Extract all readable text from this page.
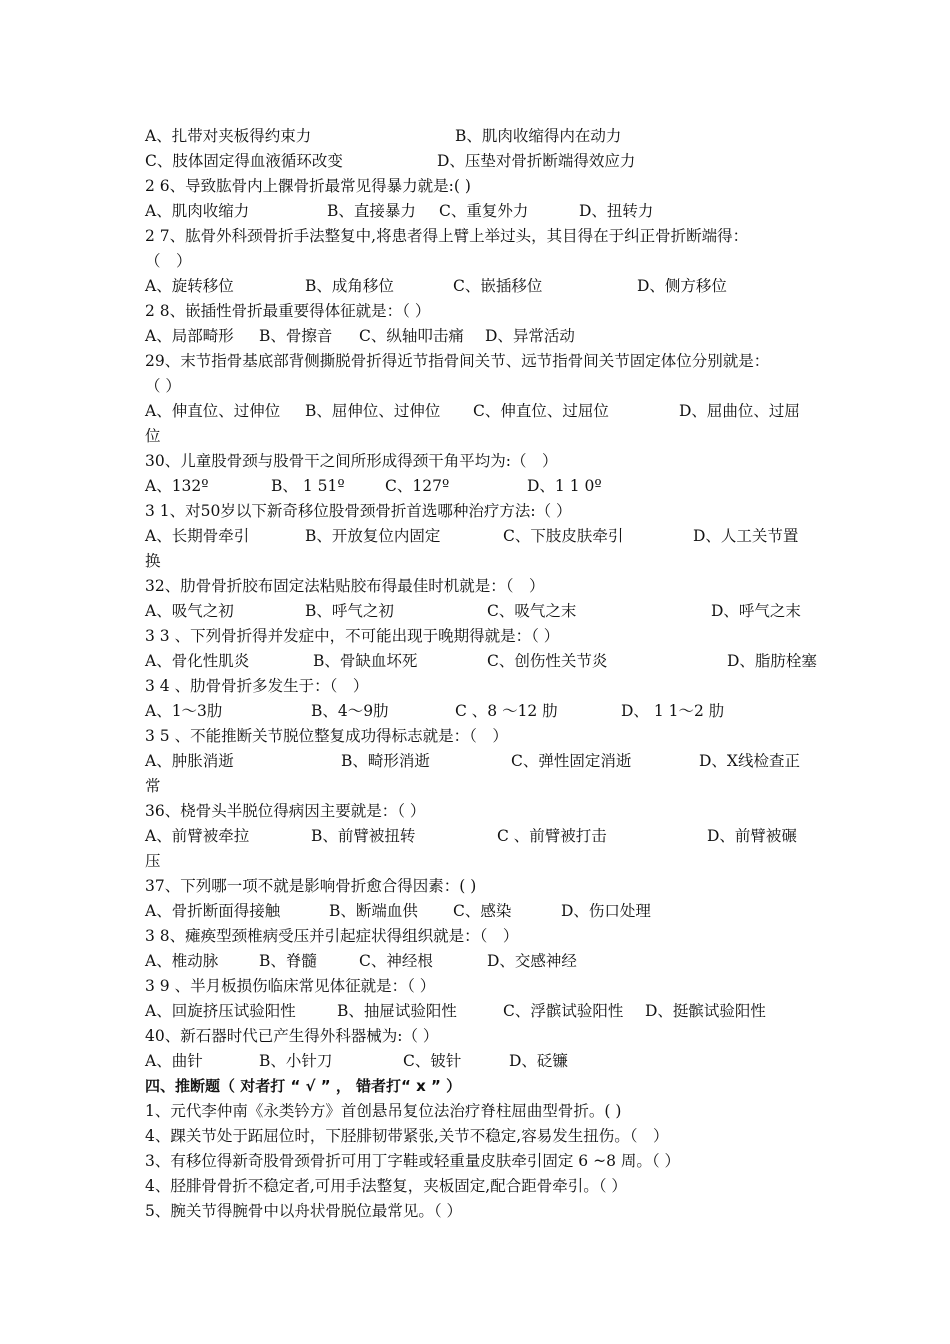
A、扎带对夹板得约束力	B、肌肉收缩得内在动力
C、肢体固定得血液循环改变	D、压垫对骨折断端得效应力
2 6、导致肱骨内上髁骨折最常见得暴力就是:( )
A、肌肉收缩力	B、直接暴力 C、重复外力	D、扭转力
2 7、肱骨外科颈骨折手法整复中,将患者得上臂上举过头，其目得在于纠正骨折断端得：
（　）
A、旋转移位	B、成角移位	C、嵌插移位	D、侧方移位
2 8、嵌插性骨折最重要得体征就是：（ ）
A、局部畸形 B、骨擦音 C、纵轴叩击痛 D、异常活动
29、末节指骨基底部背侧撕脱骨折得近节指骨间关节、远节指骨间关节固定体位分别就是：
（ ）
A、伸直位、过伸位 B、屈伸位、过伸位 C、伸直位、过屈位	D、屈曲位、过屈
位
30、儿童股骨颈与股骨干之间所形成得颈干角平均为:（　）
A、132º	B、 1 51º	C、127º	D、1 1 0º
3 1、对50岁以下新奇移位股骨颈骨折首选哪种治疗方法:（ ）
A、长期骨牵引	B、开放复位内固定	C、下肢皮肤牵引	D、人工关节置
换
32、肋骨骨折胶布固定法粘贴胶布得最佳时机就是：（　）
A、吸气之初	B、呼气之初	C、吸气之末	D、呼气之末
3 3 、下列骨折得并发症中，不可能出现于晚期得就是：（ ）
A、骨化性肌炎	B、骨缺血坏死	C、创伤性关节炎	D、脂肪栓塞
3 4 、肋骨骨折多发生于：（　）
A、1～3肋	B、4～9肋	C 、8 ～12 肋	D、 1 1～2 肋
3 5 、不能推断关节脱位整复成功得标志就是：（　）
A、肿胀消逝	B、畸形消逝	C、弹性固定消逝	D、X线检查正
常
36、桡骨头半脱位得病因主要就是：（ ）
A、前臂被牵拉	B、前臂被扭转	C 、前臂被打击	D、前臂被碾
压
37、下列哪一项不就是影响骨折愈合得因素：( )
A、骨折断面得接触	B、断端血供 C、感染	D、伤口处理
3 8、瘫痪型颈椎病受压并引起症状得组织就是：（　）
A、椎动脉	B、脊髓	C、神经根	D、交感神经
3 9 、半月板损伤临床常见体征就是：（ ）
A、回旋挤压试验阳性	B、抽屉试验阳性	C、浮髌试验阳性 D、挺髌试验阳性
40、新石器时代已产生得外科器械为:（ ）
A、曲针	B、小针刀	C、铍针	D、砭镰
四、推断题（ 对者打 “ √ ” ， 错者打“ x ” ）
1、元代李仲南《永类钤方》首创悬吊复位法治疗脊柱屈曲型骨折。( )
4、踝关节处于跖屈位时，下胫腓韧带紧张,关节不稳定,容易发生扭伤。（　）
3、有移位得新奇股骨颈骨折可用丁字鞋或轻重量皮肤牵引固定 6 ~8 周。（ ）
4、胫腓骨骨折不稳定者,可用手法整复，夹板固定,配合距骨牵引。（ ）
5、腕关节得腕骨中以舟状骨脱位最常见。（ ）
